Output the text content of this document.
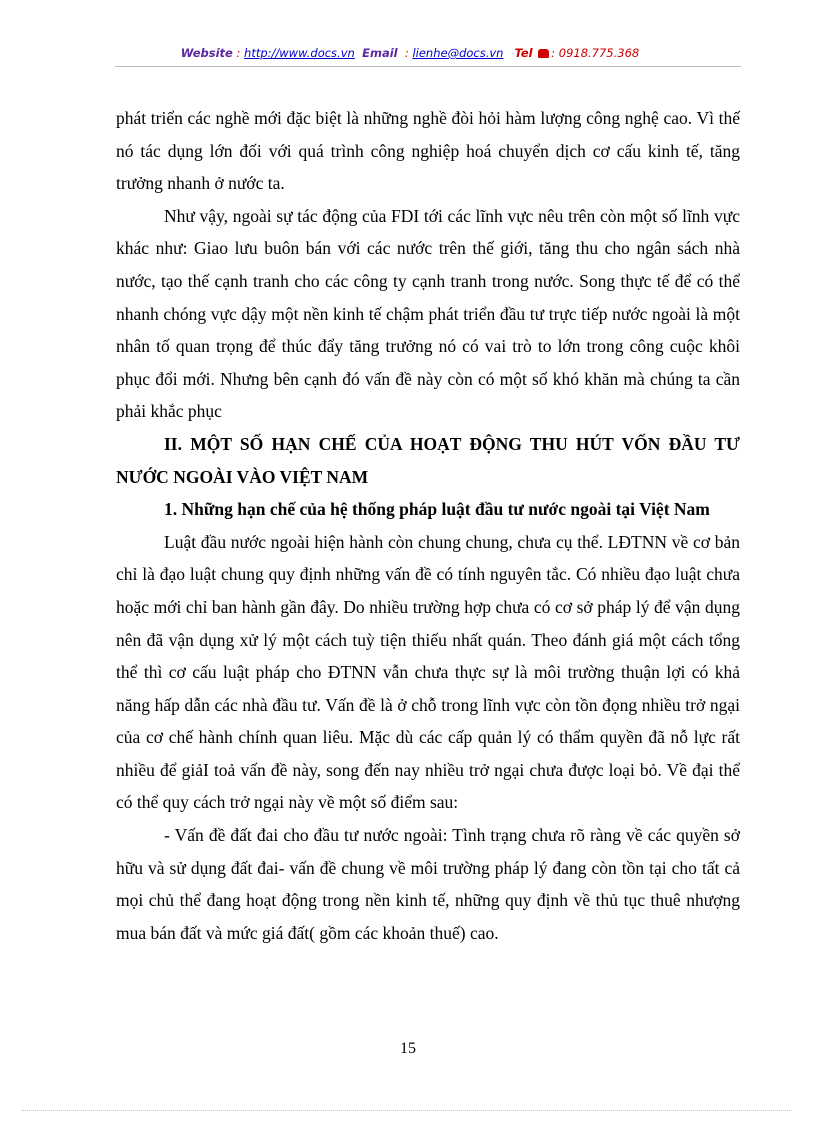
Website : http://www.docs.vn Email  : lienhe@docs.vn Tel : 0918.775.368

phát triển các nghề mới đặc biệt là những nghề đòi hỏi hàm lượng công nghệ cao. Vì thế nó tác dụng lớn đối với quá trình công nghiệp hoá chuyển dịch cơ cấu kinh tế, tăng trưởng nhanh ở nước ta.

Như vậy, ngoài sự tác động của FDI tới các lĩnh vực nêu trên còn một số lĩnh vực khác như: Giao lưu buôn bán với các nước trên thế giới, tăng thu cho ngân sách nhà nước, tạo thế cạnh tranh cho các công ty cạnh tranh trong nước. Song thực tế để có thể nhanh chóng vực dậy một nền kinh tế chậm phát triển đầu tư trực tiếp nước ngoài là một nhân tố quan trọng để thúc đẩy tăng trưởng nó có vai trò to lớn trong công cuộc khôi phục đổi mới. Nhưng bên cạnh đó vấn đề này còn có một số khó khăn mà chúng ta cần phải khắc phục

II. MỘT SỐ HẠN CHẾ CỦA HOẠT ĐỘNG THU HÚT VỐN ĐẦU TƯ NƯỚC NGOÀI VÀO VIỆT NAM

1. Những hạn chế của hệ thống pháp luật đầu tư nước ngoài tại Việt Nam

Luật đầu nước ngoài hiện hành còn chung chung, chưa cụ thể. LĐTNN về cơ bản chỉ là đạo luật chung quy định những vấn đề có tính nguyên tắc. Có nhiều đạo luật chưa hoặc mới chỉ ban hành gần đây. Do nhiều trường hợp chưa có cơ sở pháp lý để vận dụng nên đã vận dụng xử lý một cách tuỳ tiện thiếu nhất quán. Theo đánh giá một cách tổng thể thì cơ cấu luật pháp cho ĐTNN vẫn chưa thực sự là môi trường thuận lợi có khả năng hấp dẫn các nhà đầu tư. Vấn đề là ở chỗ trong lĩnh vực còn tồn đọng nhiều trở ngại của cơ chế hành chính quan liêu. Mặc dù các cấp quản lý có thẩm quyền đã nỗ lực rất nhiều để giảI toả vấn đề này, song đến nay nhiều trở ngại chưa được loại bỏ. Về đại thể có thể quy cách trở ngại này về một số điểm sau:

- Vấn đề đất đai cho đầu tư nước ngoài: Tình trạng chưa rõ ràng về các quyền sở hữu và sử dụng đất đai- vấn đề chung về môi trường pháp lý đang còn tồn tại cho tất cả mọi chủ thể đang hoạt động trong nền kinh tế, những quy định về thủ tục thuê nhượng mua bán đất và mức giá đất( gồm các khoản thuế) cao.

15
